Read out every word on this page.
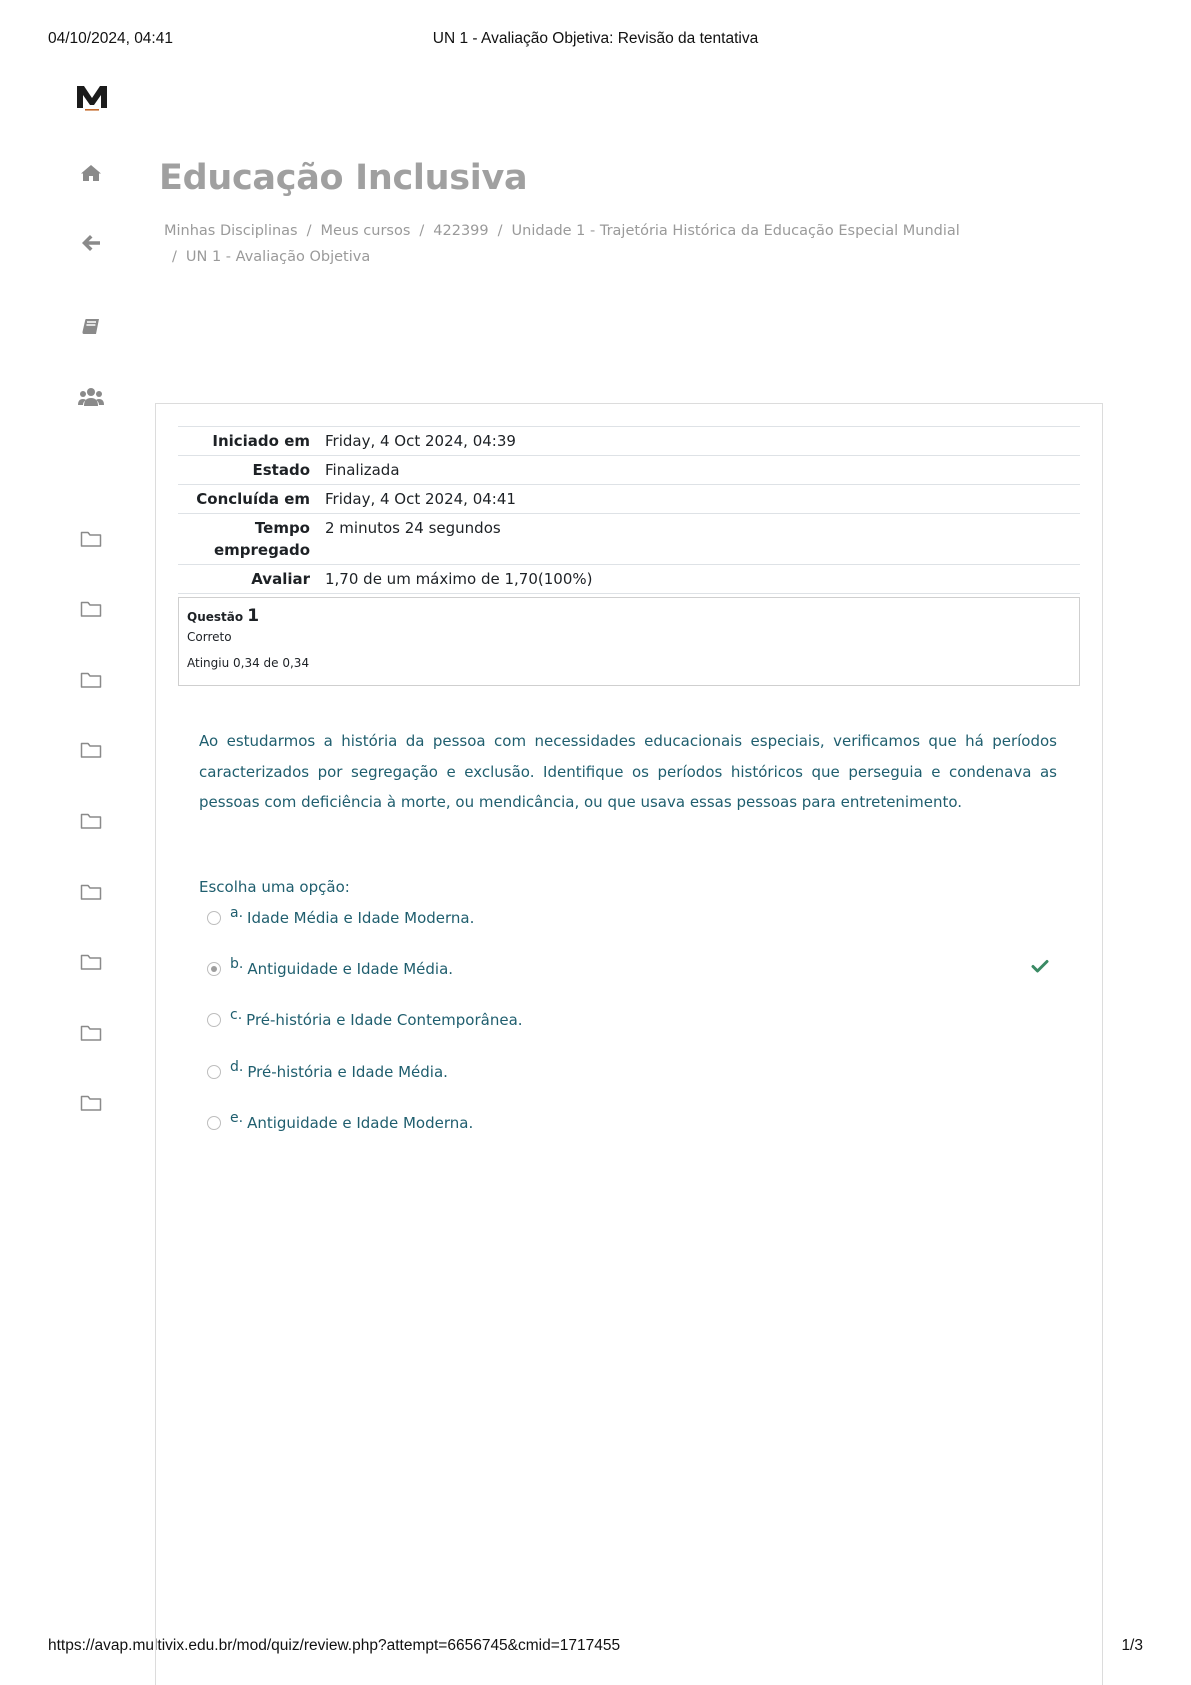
04/10/2024, 04:41	UN 1 - Avaliação Objetiva: Revisão da tentativa
https://avap.multivix.edu.br/mod/quiz/review.php?attempt=6656745&cmid=1717455	1/3
Educação Inclusiva
Minhas Disciplinas / Meus cursos / 422399 / Unidade 1 - Trajetória Histórica da Educação Especial Mundial
/ UN 1 - Avaliação Objetiva
Iniciado em	Friday, 4 Oct 2024, 04:39
Estado	Finalizada
Concluída em	Friday, 4 Oct 2024, 04:41
Tempo empregado	2 minutos 24 segundos
Avaliar	1,70 de um máximo de 1,70(100%)
Questão 1
Correto
Atingiu 0,34 de 0,34
Ao estudarmos a história da pessoa com necessidades educacionais especiais, verificamos que há períodos caracterizados por segregação e exclusão. Identifique os períodos históricos que perseguia e condenava as pessoas com deficiência à morte, ou mendicância, ou que usava essas pessoas para entretenimento.
Escolha uma opção:
a. Idade Média e Idade Moderna.
b. Antiguidade e Idade Média.
c. Pré-história e Idade Contemporânea.
d. Pré-história e Idade Média.
e. Antiguidade e Idade Moderna.
